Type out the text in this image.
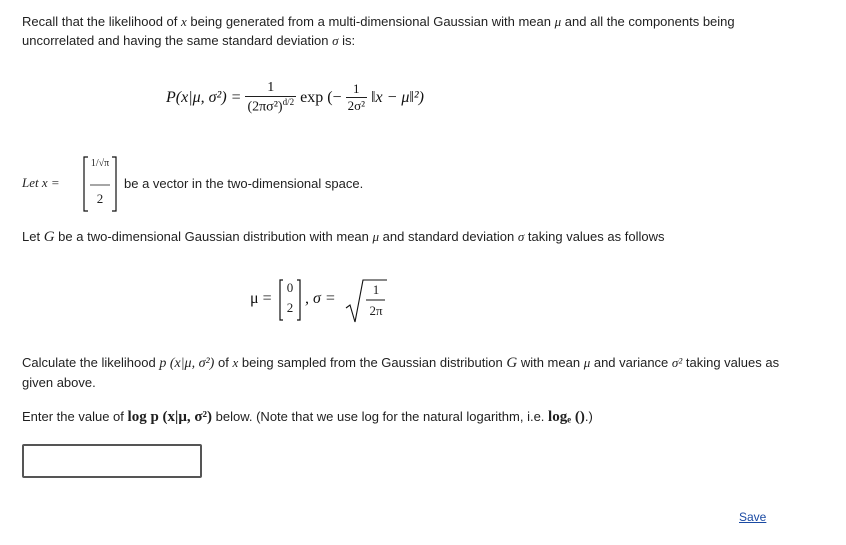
Recall that the likelihood of x being generated from a multi-dimensional Gaussian with mean μ and all the components being uncorrelated and having the same standard deviation σ is:
P(x|μ, $\sigma^2) = \frac{1}{(2\pi\sigma^2)^{d/2}}$ exp (− $\frac{1}{\text{2σ²}}$ ‖x − μ‖²)
Let x =
1/√π
2
be a vector in the two-dimensional space.
Let G be a two-dimensional Gaussian distribution with mean μ and standard deviation σ taking values as follows
μ =
0
2
, σ =
1
2π
Calculate the likelihood p (x|μ, σ²) of x being sampled from the Gaussian distribution G with mean μ and variance σ² taking values as given above.
Enter the value of log p (x|μ, σ²) below. (Note that we use log for the natural logarithm, i.e. logₑ ().)
Save
